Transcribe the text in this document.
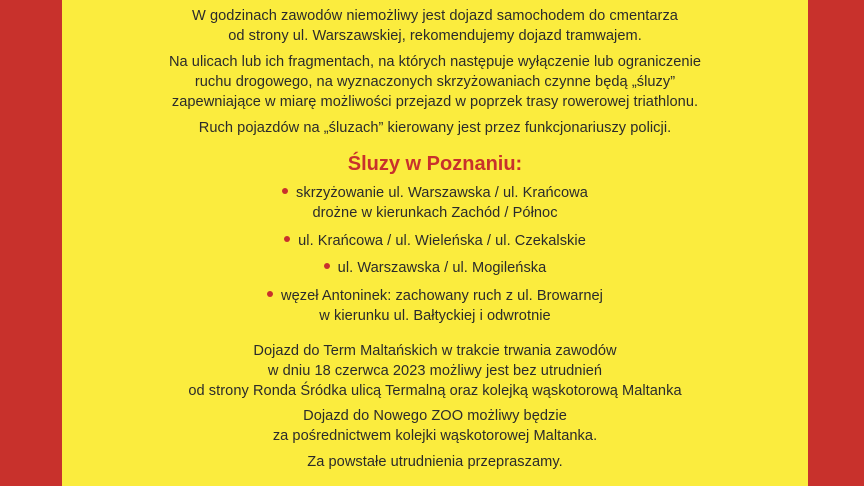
W godzinach zawodów niemożliwy jest dojazd samochodem do cmentarza
od strony ul. Warszawskiej, rekomendujemy dojazd tramwajem.
Na ulicach lub ich fragmentach, na których następuje wyłączenie lub ograniczenie
ruchu drogowego, na wyznaczonych skrzyżowaniach czynne będą „śluzy”
zapewniające w miarę możliwości przejazd w poprzek trasy rowerowej triathlonu.
Ruch pojazdów na „śluzach” kierowany jest przez funkcjonariuszy policji.
Śluzy w Poznaniu:
skrzyżowanie ul. Warszawska / ul. Krańcowa
drożne w kierunkach Zachód / Północ
ul. Krańcowa / ul. Wieleńska / ul. Czekalskie
ul. Warszawska / ul. Mogileńska
węzeł Antoninek: zachowany ruch z ul. Browarnej
w kierunku ul. Bałtyckiej i odwrotnie
Dojazd do Term Maltańskich w trakcie trwania zawodów
w dniu 18 czerwca 2023 możliwy jest bez utrudnień
od strony Ronda Śródka ulicą Termalną oraz kolejką wąskotorową Maltanka
Dojazd do Nowego ZOO możliwy będzie
za pośrednictwem kolejki wąskotorowej Maltanka.
Za powstałe utrudnienia przepraszamy.
